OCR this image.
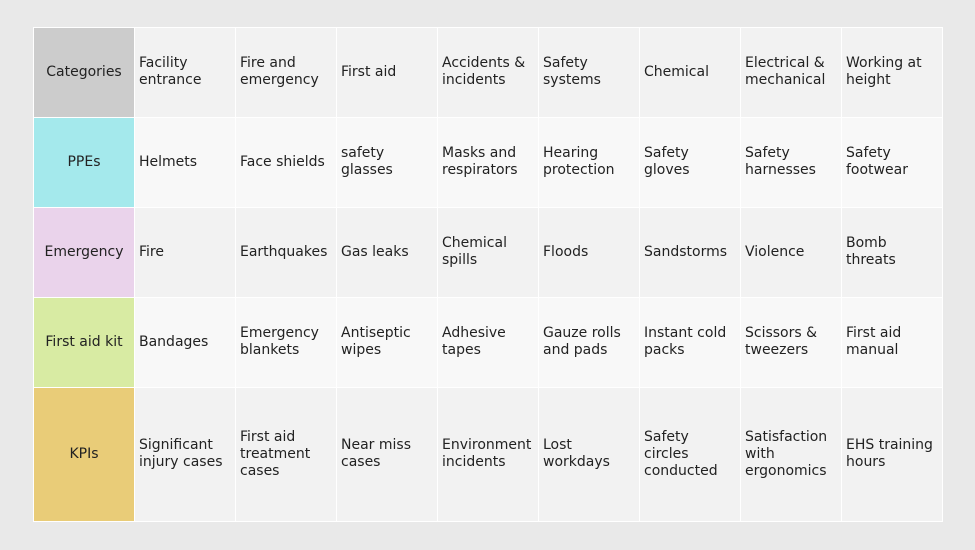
Categories	Facility entrance	Fire and emergency	First aid	Accidents & incidents	Safety systems	Chemical	Electrical & mechanical	Working at height
PPEs	Helmets	Face shields	safety glasses	Masks and respirators	Hearing protection	Safety gloves	Safety harnesses	Safety footwear
Emergency	Fire	Earthquakes	Gas leaks	Chemical spills	Floods	Sandstorms	Violence	Bomb threats
First aid kit	Bandages	Emergency blankets	Antiseptic wipes	Adhesive tapes	Gauze rolls and pads	Instant cold packs	Scissors & tweezers	First aid manual
KPIs	Significant injury cases	First aid treatment cases	Near miss cases	Environment incidents	Lost workdays	Safety circles conducted	Satisfaction with ergonomics	EHS training hours
